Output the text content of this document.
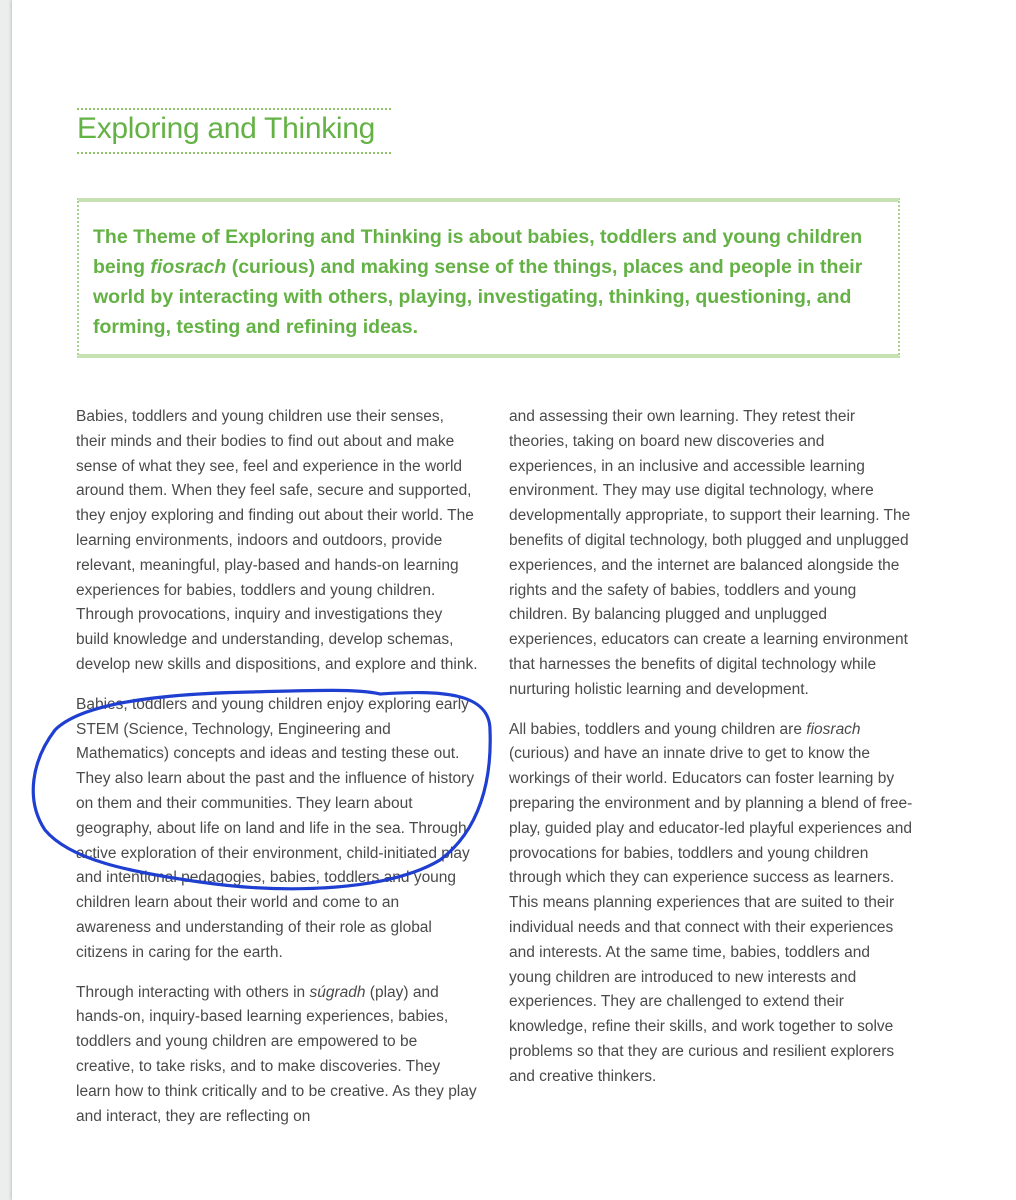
Exploring and Thinking

The Theme of Exploring and Thinking is about babies, toddlers and young children being fiosrach (curious) and making sense of the things, places and people in their world by interacting with others, playing, investigating, thinking, questioning, and forming, testing and refining ideas.

Babies, toddlers and young children use their senses, their minds and their bodies to find out about and make sense of what they see, feel and experience in the world around them. When they feel safe, secure and supported, they enjoy exploring and finding out about their world. The learning environments, indoors and outdoors, provide relevant, meaningful, play-based and hands-on learning experiences for babies, toddlers and young children. Through provocations, inquiry and investigations they build knowledge and understanding, develop schemas, develop new skills and dispositions, and explore and think.

Babies, toddlers and young children enjoy exploring early STEM (Science, Technology, Engineering and Mathematics) concepts and ideas and testing these out. They also learn about the past and the influence of history on them and their communities. They learn about geography, about life on land and life in the sea. Through active exploration of their environment, child-initiated play and intentional pedagogies, babies, toddlers and young children learn about their world and come to an awareness and understanding of their role as global citizens in caring for the earth.

Through interacting with others in súgradh (play) and hands-on, inquiry-based learning experiences, babies, toddlers and young children are empowered to be creative, to take risks, and to make discoveries. They learn how to think critically and to be creative. As they play and interact, they are reflecting on

and assessing their own learning. They retest their theories, taking on board new discoveries and experiences, in an inclusive and accessible learning environment. They may use digital technology, where developmentally appropriate, to support their learning. The benefits of digital technology, both plugged and unplugged experiences, and the internet are balanced alongside the rights and the safety of babies, toddlers and young children. By balancing plugged and unplugged experiences, educators can create a learning environment that harnesses the benefits of digital technology while nurturing holistic learning and development.

All babies, toddlers and young children are fiosrach (curious) and have an innate drive to get to know the workings of their world. Educators can foster learning by preparing the environment and by planning a blend of free-play, guided play and educator-led playful experiences and provocations for babies, toddlers and young children through which they can experience success as learners. This means planning experiences that are suited to their individual needs and that connect with their experiences and interests. At the same time, babies, toddlers and young children are introduced to new interests and experiences. They are challenged to extend their knowledge, refine their skills, and work together to solve problems so that they are curious and resilient explorers and creative thinkers.
